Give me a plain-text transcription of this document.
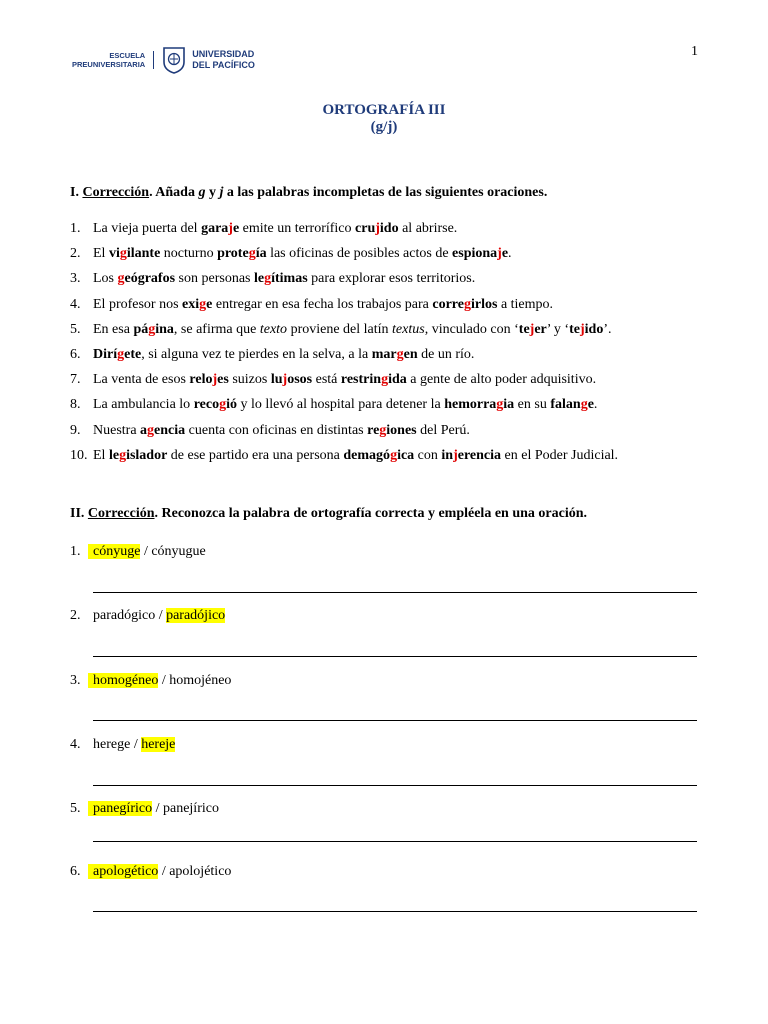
1
ESCUELA
PREUNIVERSITARIA
UNIVERSIDAD
DEL PACÍFICO
ORTOGRAFÍA III
(g/j)
I. Corrección. Añada g y j a las palabras incompletas de las siguientes oraciones.
1. La vieja puerta del garaje emite un terrorífico crujido al abrirse.
2. El vigilante nocturno protegía las oficinas de posibles actos de espionaje.
3. Los geógrafos son personas legítimas para explorar esos territorios.
4. El profesor nos exige entregar en esa fecha los trabajos para corregirlos a tiempo.
5. En esa página, se afirma que texto proviene del latín textus, vinculado con ‘tejer’ y ‘tejido’.
6. Dirígete, si alguna vez te pierdes en la selva, a la margen de un río.
7. La venta de esos relojes suizos lujosos está restringida a gente de alto poder adquisitivo.
8. La ambulancia lo recogió y lo llevó al hospital para detener la hemorragia en su falange.
9. Nuestra agencia cuenta con oficinas en distintas regiones del Perú.
10. El legislador de ese partido era una persona demagógica con injerencia en el Poder Judicial.
II. Corrección. Reconozca la palabra de ortografía correcta y empléela en una oración.
1. cónyuge / cónyugue
2. paradógico / paradójico
3. homogéneo / homojéneo
4. herege / hereje
5. panegírico / panejírico
6. apologético / apolojético
